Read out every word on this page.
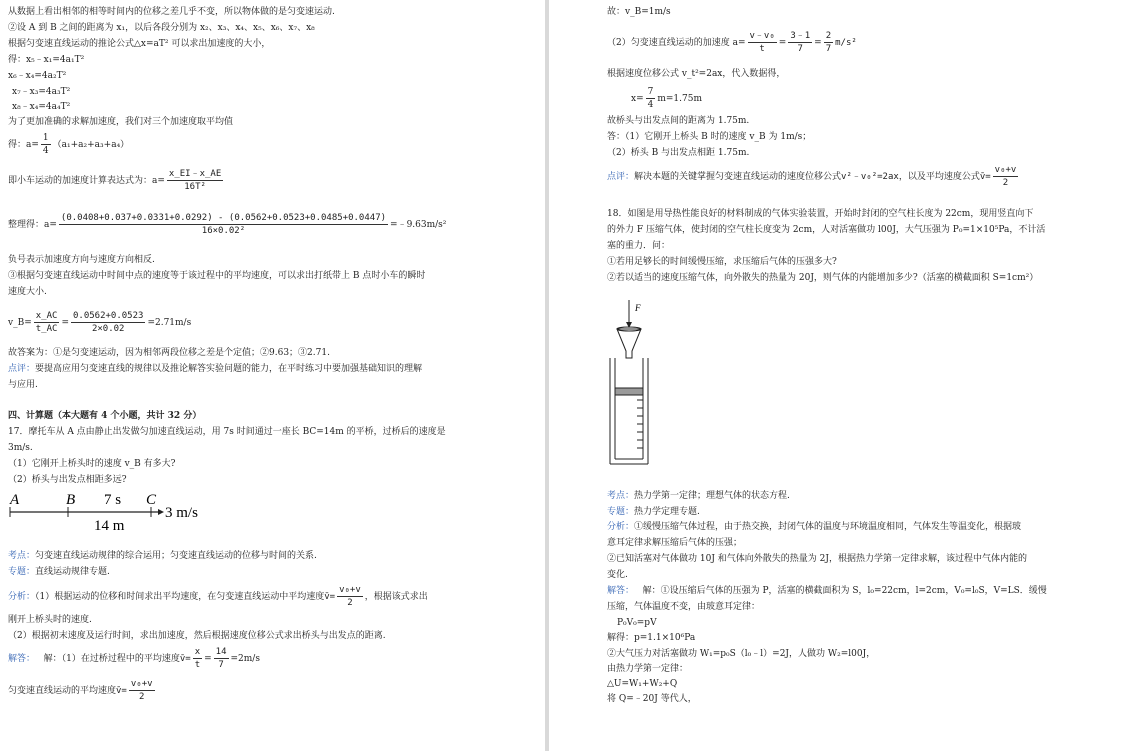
从数据上看出相邻的相等时间内的位移之差几乎不变，所以物体做的是匀变速运动.
②设 A 到 B 之间的距离为 x₁，以后各段分别为 x₂、x₃、x₄、x₅、x₆、x₇、x₈
根据匀变速直线运动的推论公式△x=aT² 可以求出加速度的大小，
得：x₅﹣x₁=4a₁T²
x₆﹣x₄=4a₂T²
x₇﹣x₃=4a₃T²
x₈﹣x₄=4a₄T²
为了更加准确的求解加速度，我们对三个加速度取平均值
得：$a= \frac{1}{4} (a_1+a_2+a_3+a_4)$
即小车运动的加速度计算表达式为：$a= \frac{x\_EI﹣x\_AE}{\text{16T²}}$
整理得：$a= \frac{(0.0408+0.037+0.0331+0.0292) - (0.0562+0.0523+0.0485+0.0447)}{\text{16×0.02²}}$ =﹣9.63m/s²
负号表示加速度方向与速度方向相反.
③根据匀变速直线运动中时间中点的速度等于该过程中的平均速度，可以求出打纸带上 B 点时小车的瞬时
速度大小.
v_B= $\frac{x\_AC}{t\_AC} = \frac{0.0562+0.0523}{2\times 0.02} =2.71m/s$
故答案为：①是匀变速运动，因为相邻两段位移之差是个定值；②9.63；③2.71.
点评：要提高应用匀变速直线的规律以及推论解答实验问题的能力，在平时练习中要加强基础知识的理解
与应用.
四、计算题（本大题有 4 个小题，共计 32 分）
17．摩托车从 A 点由静止出发做匀加速直线运动，用 7s 时间通过一座长 BC=14m 的平桥，过桥后的速度是
3m/s.
（1）它刚开上桥头时的速度 v_B 有多大?
（2）桥头与出发点相距多远?
A	B 7 s C
14 m
3 m/s
考点：匀变速直线运动规律的综合运用；匀变速直线运动的位移与时间的关系.
专题：直线运动规律专题.
分析：（1）根据运动的位移和时间求出平均速度，在匀变速直线运动中平均速度v̄= $\frac{\text{v₀+v}}{2}$ ，根据该式求出
刚开上桥头时的速度.
（2）根据初末速度及运行时间，求出加速度，然后根据速度位移公式求出桥头与出发点的距离.
解答： 解：（1）在过桥过程中的平均速度v̄= $\frac{x}{t} = \frac{14}{7} =2m/s$
匀变速直线运动的平均速度v̄= $\frac{\text{v₀+v}}{2}$
故：v_B=1m/s
（2）匀变速直线运动的加速度 $a= \frac{\text{v﹣v₀}}{t} = \frac{3﹣1}{7} = \frac{2}{7} m/s^2$
根据速度位移公式 v_t²=2ax，代入数据得，
$x= \frac{7}{4} m=1.75m$
故桥头与出发点间的距离为 1.75m.
答：（1）它刚开上桥头 B 时的速度 v_B 为 1m/s；
（2）桥头 B 与出发点相距 1.75m.
点评：解决本题的关键掌握匀变速直线运动的速度位移公式v²﹣v₀²=2ax，以及平均速度公式v̄= $\frac{\text{v₀+v}}{2}$
18．如图是用导热性能良好的材料制成的气体实验装置，开始时封闭的空气柱长度为 22cm，现用竖直向下
的外力 F 压缩气体，使封闭的空气柱长度变为 2cm，人对活塞做功 l00J，大气压强为 P₀=1×10⁵Pa，不计活
塞的重力．问：
①若用足够长的时间缓慢压缩，求压缩后气体的压强多大?
②若以适当的速度压缩气体，向外散失的热量为 20J，则气体的内能增加多少?（活塞的横截面积 S=1cm²）
F
考点：热力学第一定律；理想气体的状态方程.
专题：热力学定理专题.
分析：①缓慢压缩气体过程，由于热交换，封闭气体的温度与环境温度相同，气体发生等温变化，根据玻
意耳定律求解压缩后气体的压强；
②已知活塞对气体做功 10J 和气体向外散失的热量为 2J，根据热力学第一定律求解，该过程中气体内能的
变化.
解答： 解：①设压缩后气体的压强为 P，活塞的横截面积为 S，l₀=22cm，l=2cm，V₀=l₀S，V=LS．缓慢
压缩，气体温度不变，由玻意耳定律：
P₀V₀=pV
解得：p=1.1×10⁶Pa
②大气压力对活塞做功 W₁=p₀S（l₀﹣l）=2J，人做功 W₂=l00J，
由热力学第一定律：
△U=W₁+W₂+Q
将 Q=﹣20J 等代人，
